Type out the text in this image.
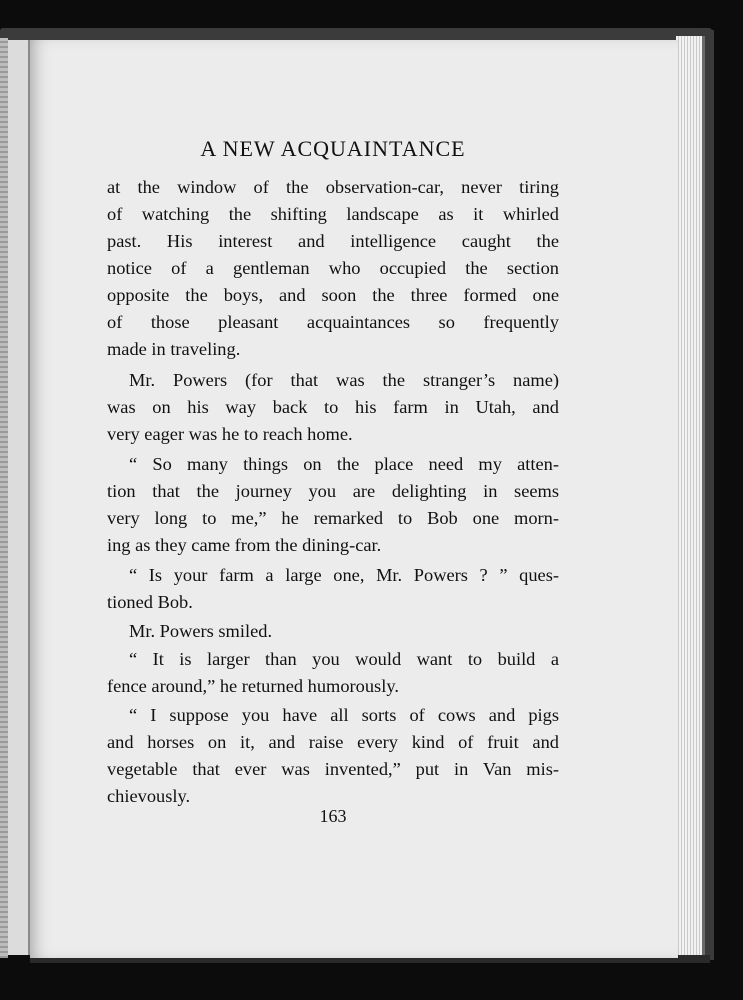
A NEW ACQUAINTANCE
at the window of the observation-car, never tiring
of watching the shifting landscape as it whirled
past. His interest and intelligence caught the
notice of a gentleman who occupied the section
opposite the boys, and soon the three formed one
of those pleasant acquaintances so frequently
made in traveling.
Mr. Powers (for that was the stranger’s name)
was on his way back to his farm in Utah, and
very eager was he to reach home.
“ So many things on the place need my atten-
tion that the journey you are delighting in seems
very long to me,” he remarked to Bob one morn-
ing as they came from the dining-car.
“ Is your farm a large one, Mr. Powers ? ” ques-
tioned Bob.
Mr. Powers smiled.
“ It is larger than you would want to build a
fence around,” he returned humorously.
“ I suppose you have all sorts of cows and pigs
and horses on it, and raise every kind of fruit and
vegetable that ever was invented,” put in Van mis-
chievously.
163
